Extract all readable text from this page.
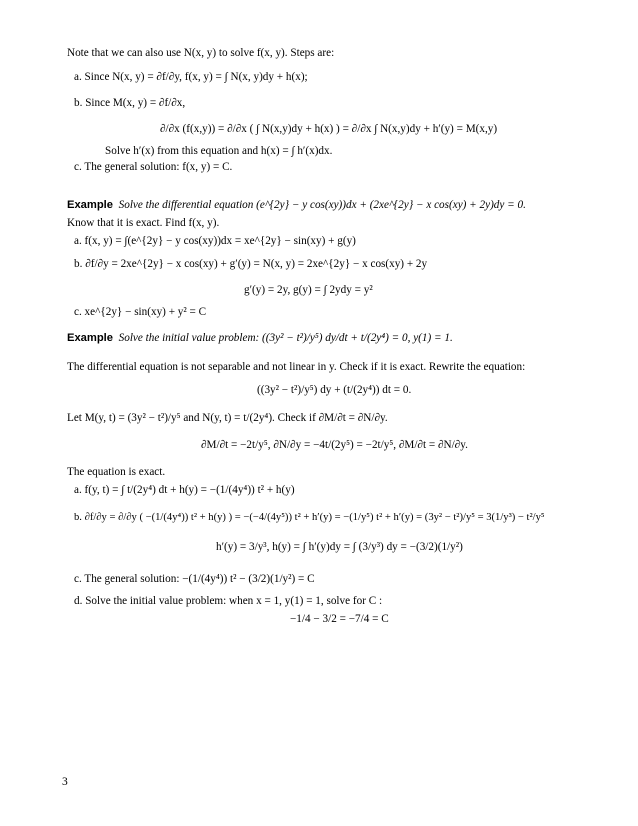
Note that we can also use N(x, y) to solve f(x, y). Steps are:
a. Since N(x, y) = ∂f/∂y, f(x, y) = ∫ N(x, y)dy + h(x);
b. Since M(x, y) = ∂f/∂x,
∂/∂x (f(x,y)) = ∂/∂x ( ∫ N(x,y)dy + h(x) ) = ∂/∂x ∫ N(x,y)dy + h′(y) = M(x,y)
Solve h′(x) from this equation and h(x) = ∫ h′(x)dx.
c. The general solution: f(x, y) = C.
Example Solve the differential equation (e^{2y} − y cos(xy))dx + (2xe^{2y} − x cos(xy) + 2y)dy = 0.
Know that it is exact. Find f(x, y).
a. f(x, y) = ∫(e^{2y} − y cos(xy))dx = xe^{2y} − sin(xy) + g(y)
b. ∂f/∂y = 2xe^{2y} − x cos(xy) + g′(y) = N(x, y) = 2xe^{2y} − x cos(xy) + 2y
g′(y) = 2y, g(y) = ∫ 2ydy = y²
c. xe^{2y} − sin(xy) + y² = C
Example Solve the initial value problem: ((3y² − t²)/y⁵) dy/dt + t/(2y⁴) = 0, y(1) = 1.
The differential equation is not separable and not linear in y. Check if it is exact. Rewrite the equation:
((3y² − t²)/y⁵) dy + (t/(2y⁴)) dt = 0.
Let M(y, t) = (3y² − t²)/y⁵ and N(y, t) = t/(2y⁴). Check if ∂M/∂t = ∂N/∂y.
∂M/∂t = −2t/y⁵, ∂N/∂y = −4t/(2y⁵) = −2t/y⁵, ∂M/∂t = ∂N/∂y.
The equation is exact.
a. f(y, t) = ∫ t/(2y⁴) dt + h(y) = −(1/(4y⁴)) t² + h(y)
b. ∂f/∂y = ∂/∂y ( −(1/(4y⁴)) t² + h(y) ) = −(−4/(4y⁵)) t² + h′(y) = −(1/y⁵) t² + h′(y) = (3y² − t²)/y⁵ = 3(1/y³) − t²/y⁵
h′(y) = 3/y³, h(y) = ∫ h′(y)dy = ∫ (3/y³) dy = −(3/2)(1/y²)
c. The general solution: −(1/(4y⁴)) t² − (3/2)(1/y²) = C
d. Solve the initial value problem: when x = 1, y(1) = 1, solve for C :
−1/4 − 3/2 = −7/4 = C
3
